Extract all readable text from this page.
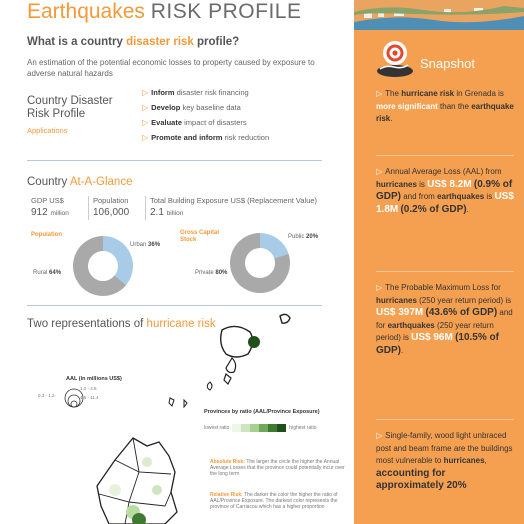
Earthquakes RISK PROFILE
What is a country disaster risk profile?
An estimation of the potential economic losses to property caused by exposure to adverse natural hazards
Country Disaster
Risk Profile
Applications
▷ Inform disaster risk financing
▷ Develop key baseline data
▷ Evaluate impact of disasters
▷ Promote and inform risk reduction
Country At-A-Glance
GDP US$
912 million
Population
106,000
Total Building Exposure US$ (Replacement Value)
2.1 billion
Population
Urban 36%
Rural 64%
Gross Capital
Stock	Public 20%
Private 80%
Two representations of hurricane risk
AAL (in millions US$)
0.3 - 1.2
1.2 - 4.6
4.6 - 11.4
Provinces by ratio (AAL/Province Exposure)
lowest ratio	highest ratio
Absolute Risk: The larger the circle the higher the Annual Average Losses that the province could potentially incur over the long term
Relative Risk: The darker the color the higher the ratio of AAL/Province Exposure. The darkest color represents the province of Carriacou which has a higher proportion
Snapshot
▷ The hurricane risk in Grenada is more significant than the earthquake risk.
▷ Annual Average Loss (AAL) from hurricanes is US$ 8.2M (0.9% of GDP) and from earthquakes is US$ 1.8M (0.2% of GDP).
▷ The Probable Maximum Loss for hurricanes (250 year return period) is US$ 397M (43.6% of GDP) and for earthquakes (250 year return period) is US$ 96M (10.5% of GDP).
▷ Single-family, wood light unbraced post and beam frame are the buildings most vulnerable to hurricanes, accounting for approximately 20%
